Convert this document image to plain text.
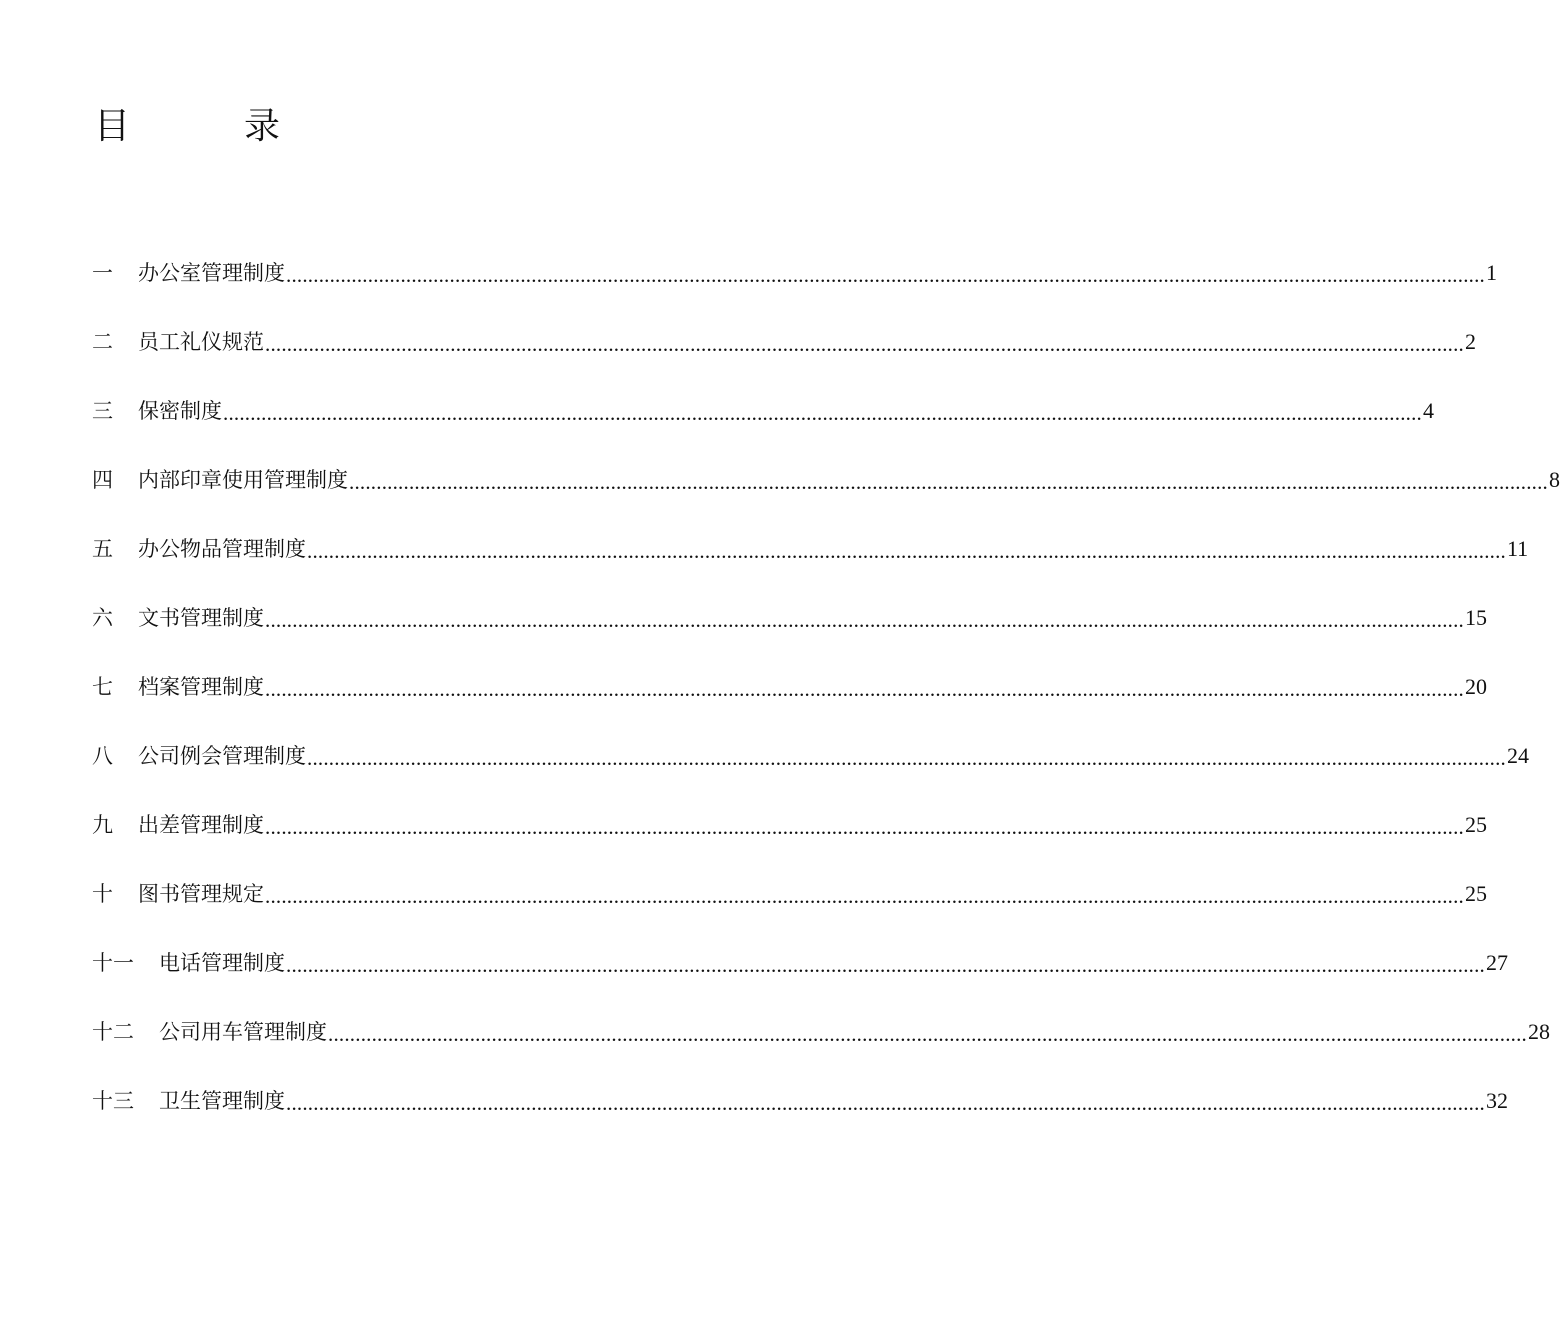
目	录
一	办公室管理制度 ............................................................................................................................................................................................................................ 1
二	员工礼仪规范 ............................................................................................................................................................................................................................ 2
三	保密制度 ............................................................................................................................................................................................................................ 4
四	内部印章使用管理制度 ............................................................................................................................................................................................................................ 8
五	办公物品管理制度 ............................................................................................................................................................................................................................ 11
六	文书管理制度 ............................................................................................................................................................................................................................ 15
七	档案管理制度 ............................................................................................................................................................................................................................ 20
八	公司例会管理制度 ............................................................................................................................................................................................................................ 24
九	出差管理制度 ............................................................................................................................................................................................................................ 25
十	图书管理规定 ............................................................................................................................................................................................................................ 25
十一	电话管理制度 ............................................................................................................................................................................................................................ 27
十二	公司用车管理制度 ............................................................................................................................................................................................................................ 28
十三	卫生管理制度 ............................................................................................................................................................................................................................ 32
